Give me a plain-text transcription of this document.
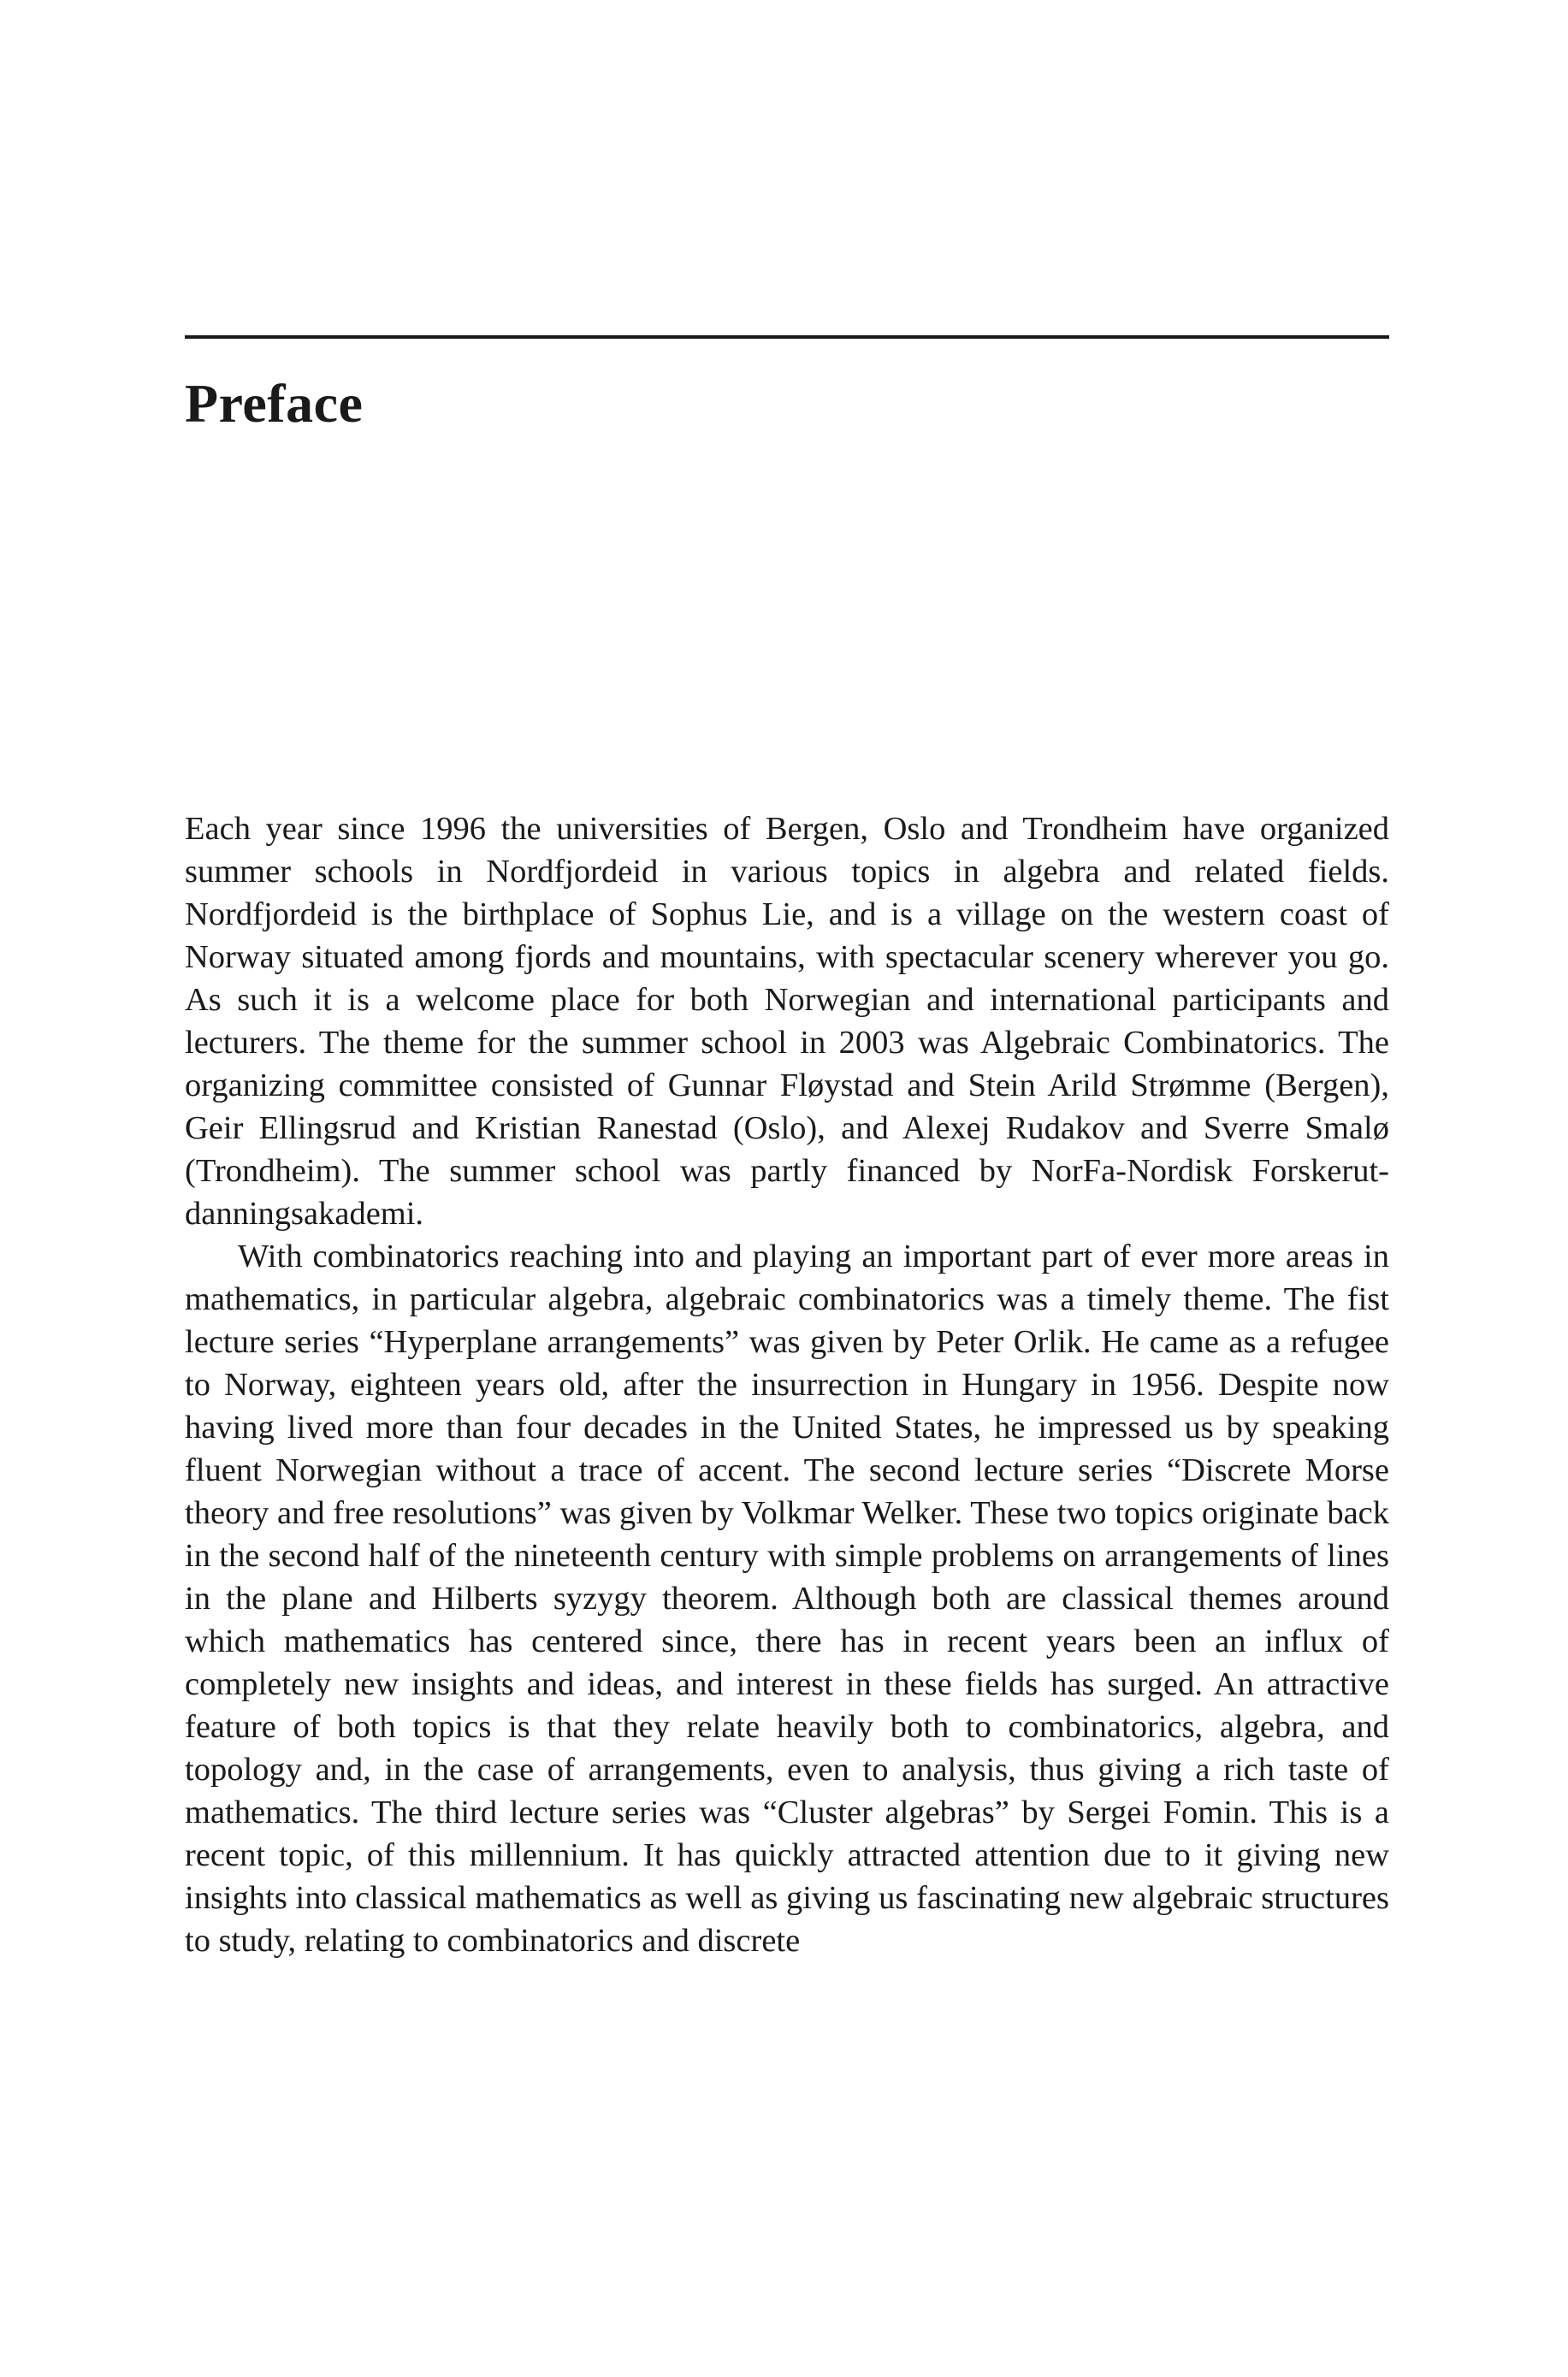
Preface

Each year since 1996 the universities of Bergen, Oslo and Trondheim have organized summer schools in Nordfjordeid in various topics in algebra and related fields. Nordfjordeid is the birthplace of Sophus Lie, and is a village on the western coast of Norway situated among fjords and mountains, with spectacular scenery wherever you go. As such it is a welcome place for both Norwegian and international participants and lecturers. The theme for the summer school in 2003 was Algebraic Combinatorics. The organizing committee consisted of Gunnar Fløystad and Stein Arild Strømme (Bergen), Geir Ellingsrud and Kristian Ranestad (Oslo), and Alexej Rudakov and Sverre Smalø (Trondheim). The summer school was partly financed by NorFa-Nordisk Forskerutdanningsakademi.

With combinatorics reaching into and playing an important part of ever more areas in mathematics, in particular algebra, algebraic combinatorics was a timely theme. The fist lecture series “Hyperplane arrangements” was given by Peter Orlik. He came as a refugee to Norway, eighteen years old, after the insurrection in Hungary in 1956. Despite now having lived more than four decades in the United States, he impressed us by speaking fluent Norwegian without a trace of accent. The second lecture series “Discrete Morse theory and free resolutions” was given by Volkmar Welker. These two topics originate back in the second half of the nineteenth century with simple problems on arrangements of lines in the plane and Hilberts syzygy theorem. Although both are classical themes around which mathematics has centered since, there has in recent years been an influx of completely new insights and ideas, and interest in these fields has surged. An attractive feature of both topics is that they relate heavily both to combinatorics, algebra, and topology and, in the case of arrangements, even to analysis, thus giving a rich taste of mathematics. The third lecture series was “Cluster algebras” by Sergei Fomin. This is a recent topic, of this millennium. It has quickly attracted attention due to it giving new insights into classical mathematics as well as giving us fascinating new algebraic structures to study, relating to combinatorics and discrete
